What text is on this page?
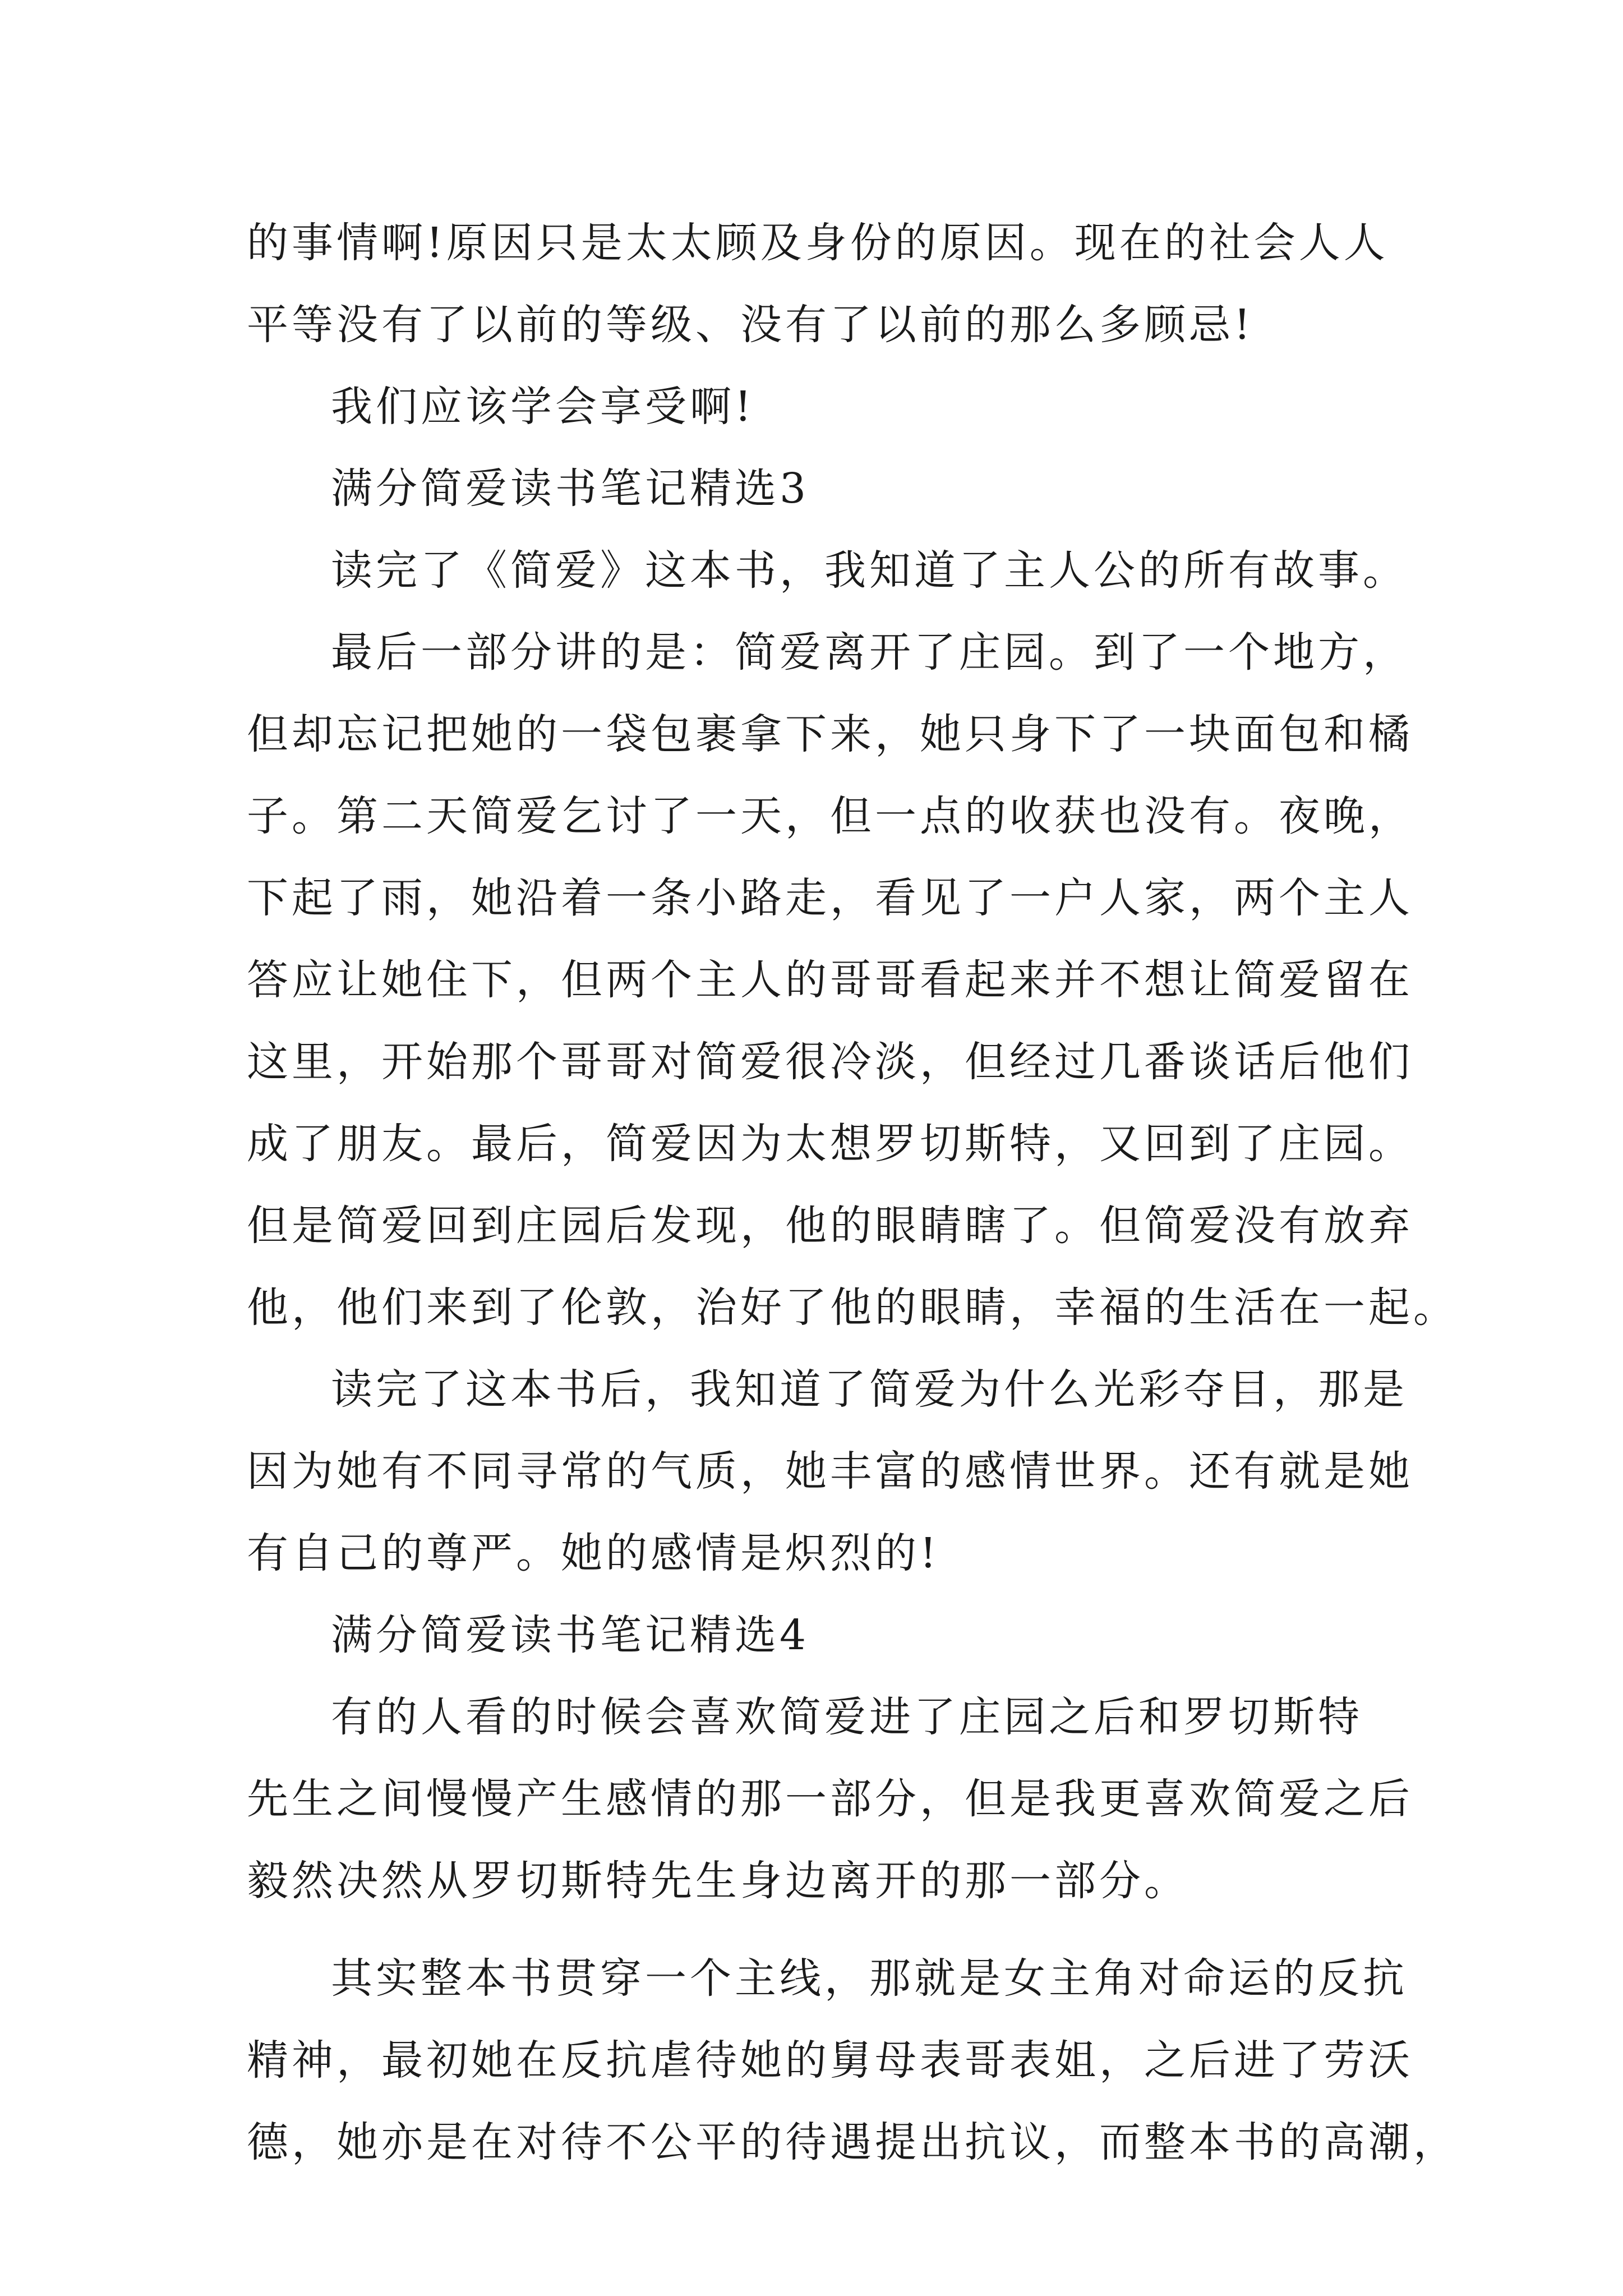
的事情啊!原因只是太太顾及身份的原因。现在的社会人人
平等没有了以前的等级、没有了以前的那么多顾忌!
我们应该学会享受啊!
满分简爱读书笔记精选3
读完了《简爱》这本书，我知道了主人公的所有故事。
最后一部分讲的是：简爱离开了庄园。到了一个地方，
但却忘记把她的一袋包裹拿下来，她只身下了一块面包和橘
子。第二天简爱乞讨了一天，但一点的收获也没有。夜晚，
下起了雨，她沿着一条小路走，看见了一户人家，两个主人
答应让她住下，但两个主人的哥哥看起来并不想让简爱留在
这里，开始那个哥哥对简爱很冷淡，但经过几番谈话后他们
成了朋友。最后，简爱因为太想罗切斯特，又回到了庄园。
但是简爱回到庄园后发现，他的眼睛瞎了。但简爱没有放弃
他，他们来到了伦敦，治好了他的眼睛，幸福的生活在一起。
读完了这本书后，我知道了简爱为什么光彩夺目，那是
因为她有不同寻常的气质，她丰富的感情世界。还有就是她
有自己的尊严。她的感情是炽烈的!
满分简爱读书笔记精选4
有的人看的时候会喜欢简爱进了庄园之后和罗切斯特
先生之间慢慢产生感情的那一部分，但是我更喜欢简爱之后
毅然决然从罗切斯特先生身边离开的那一部分。
其实整本书贯穿一个主线，那就是女主角对命运的反抗
精神，最初她在反抗虐待她的舅母表哥表姐，之后进了劳沃
德，她亦是在对待不公平的待遇提出抗议，而整本书的高潮，
